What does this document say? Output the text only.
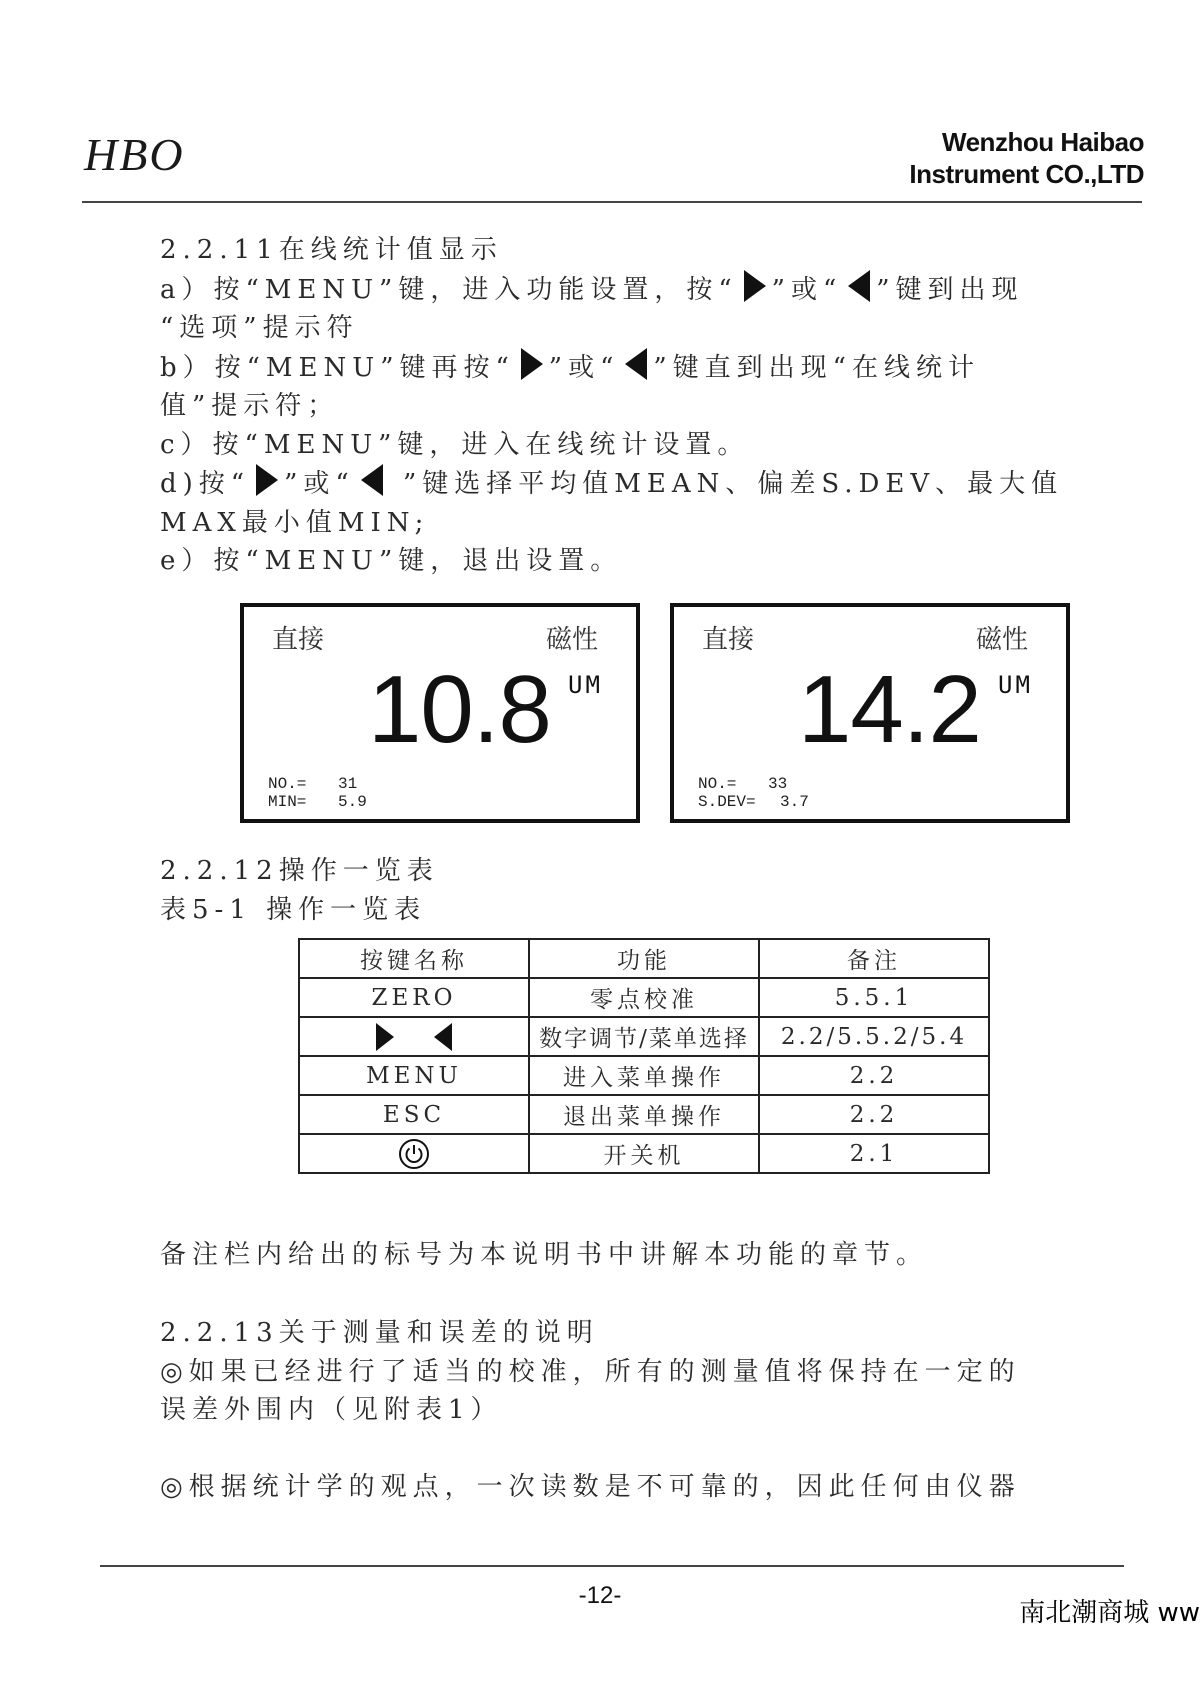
HBO	Wenzhou Haibao
Instrument CO.,LTD
2.2.11在线统计值显示
a）按“MENU”键，进入功能设置，按“ ”或“ ”键到出现
“选项”提示符
b）按“MENU”键再按“ ”或“ ”键直到出现“在线统计
值”提示符；
c）按“MENU”键，进入在线统计设置。
d)按“ ”或“ ”键选择平均值MEAN、偏差S.DEV、最大值
MAX最小值MIN;
e）按“MENU”键，退出设置。
直接	磁性
10.8 UM
NO.= 31
MIN= 5.9
直接	磁性
14.2 UM
NO.= 33
S.DEV= 3.7
2.2.12操作一览表
表5-1 操作一览表
按键名称	功能	备注
ZERO	零点校准	5.5.1
	数字调节/菜单选择	2.2/5.5.2/5.4
MENU	进入菜单操作	2.2
ESC	退出菜单操作	2.2
	开关机	2.1
备注栏内给出的标号为本说明书中讲解本功能的章节。
2.2.13关于测量和误差的说明
◎如果已经进行了适当的校准，所有的测量值将保持在一定的
误差外围内（见附表1）
◎根据统计学的观点，一次读数是不可靠的，因此任何由仪器
-12-
南北潮商城 ww
